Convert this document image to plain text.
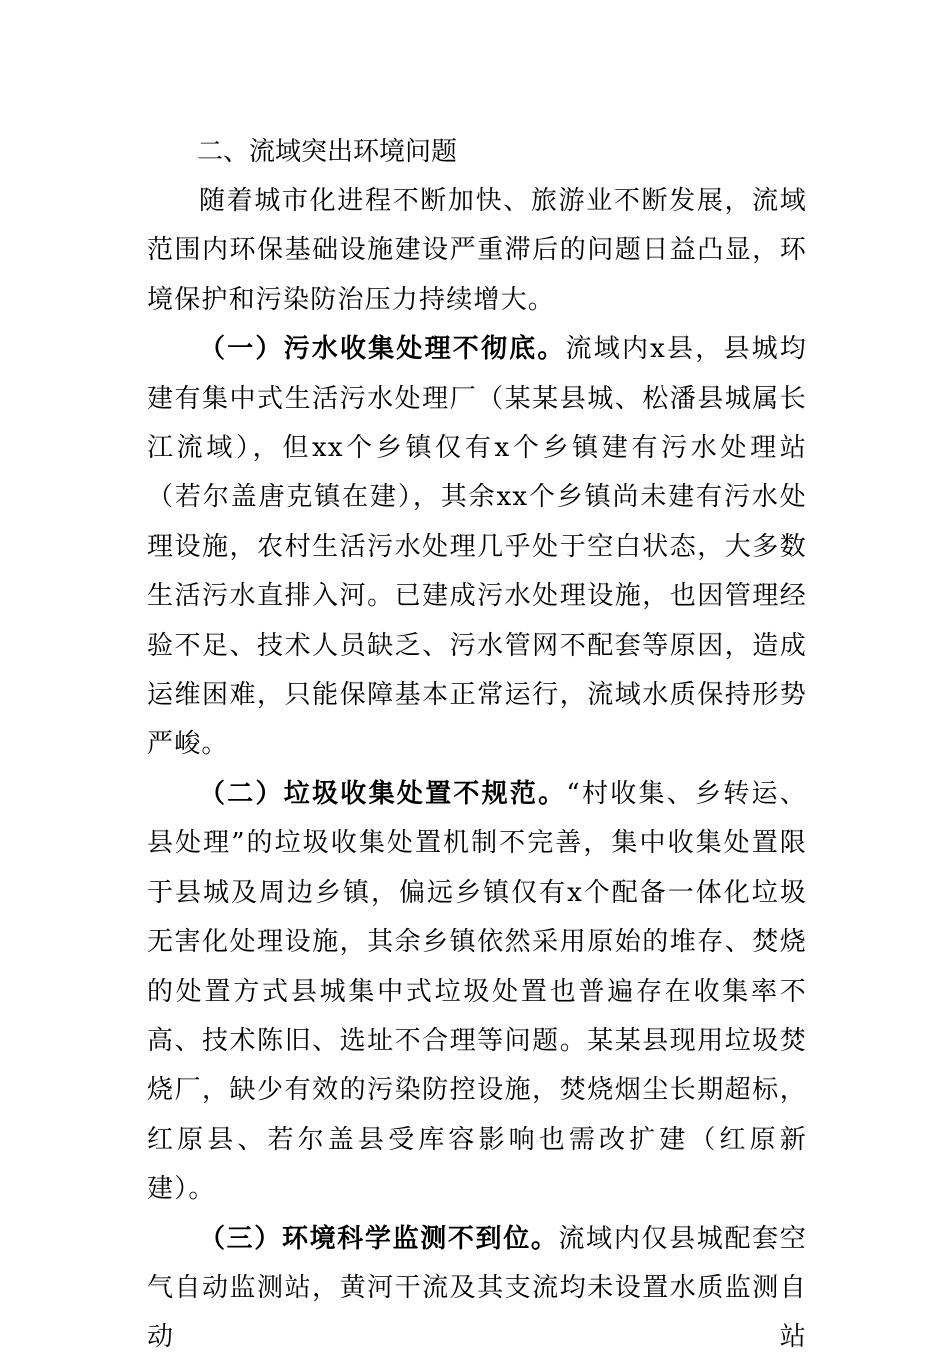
二、流域突出环境问题

随着城市化进程不断加快、旅游业不断发展，流域范围内环保基础设施建设严重滞后的问题日益凸显，环境保护和污染防治压力持续增大。

（一）污水收集处理不彻底。流域内x县，县城均建有集中式生活污水处理厂（某某县城、松潘县城属长江流域），但xx个乡镇仅有x个乡镇建有污水处理站（若尔盖唐克镇在建），其余xx个乡镇尚未建有污水处理设施，农村生活污水处理几乎处于空白状态，大多数生活污水直排入河。已建成污水处理设施，也因管理经验不足、技术人员缺乏、污水管网不配套等原因，造成运维困难，只能保障基本正常运行，流域水质保持形势严峻。

（二）垃圾收集处置不规范。“村收集、乡转运、县处理”的垃圾收集处置机制不完善，集中收集处置限于县城及周边乡镇，偏远乡镇仅有x个配备一体化垃圾无害化处理设施，其余乡镇依然采用原始的堆存、焚烧的处置方式县城集中式垃圾处置也普遍存在收集率不高、技术陈旧、选址不合理等问题。某某县现用垃圾焚烧厂，缺少有效的污染防控设施，焚烧烟尘长期超标，红原县、若尔盖县受库容影响也需改扩建（红原新建）。

（三）环境科学监测不到位。流域内仅县城配套空气自动监测站，黄河干流及其支流均未设置水质监测自动站
